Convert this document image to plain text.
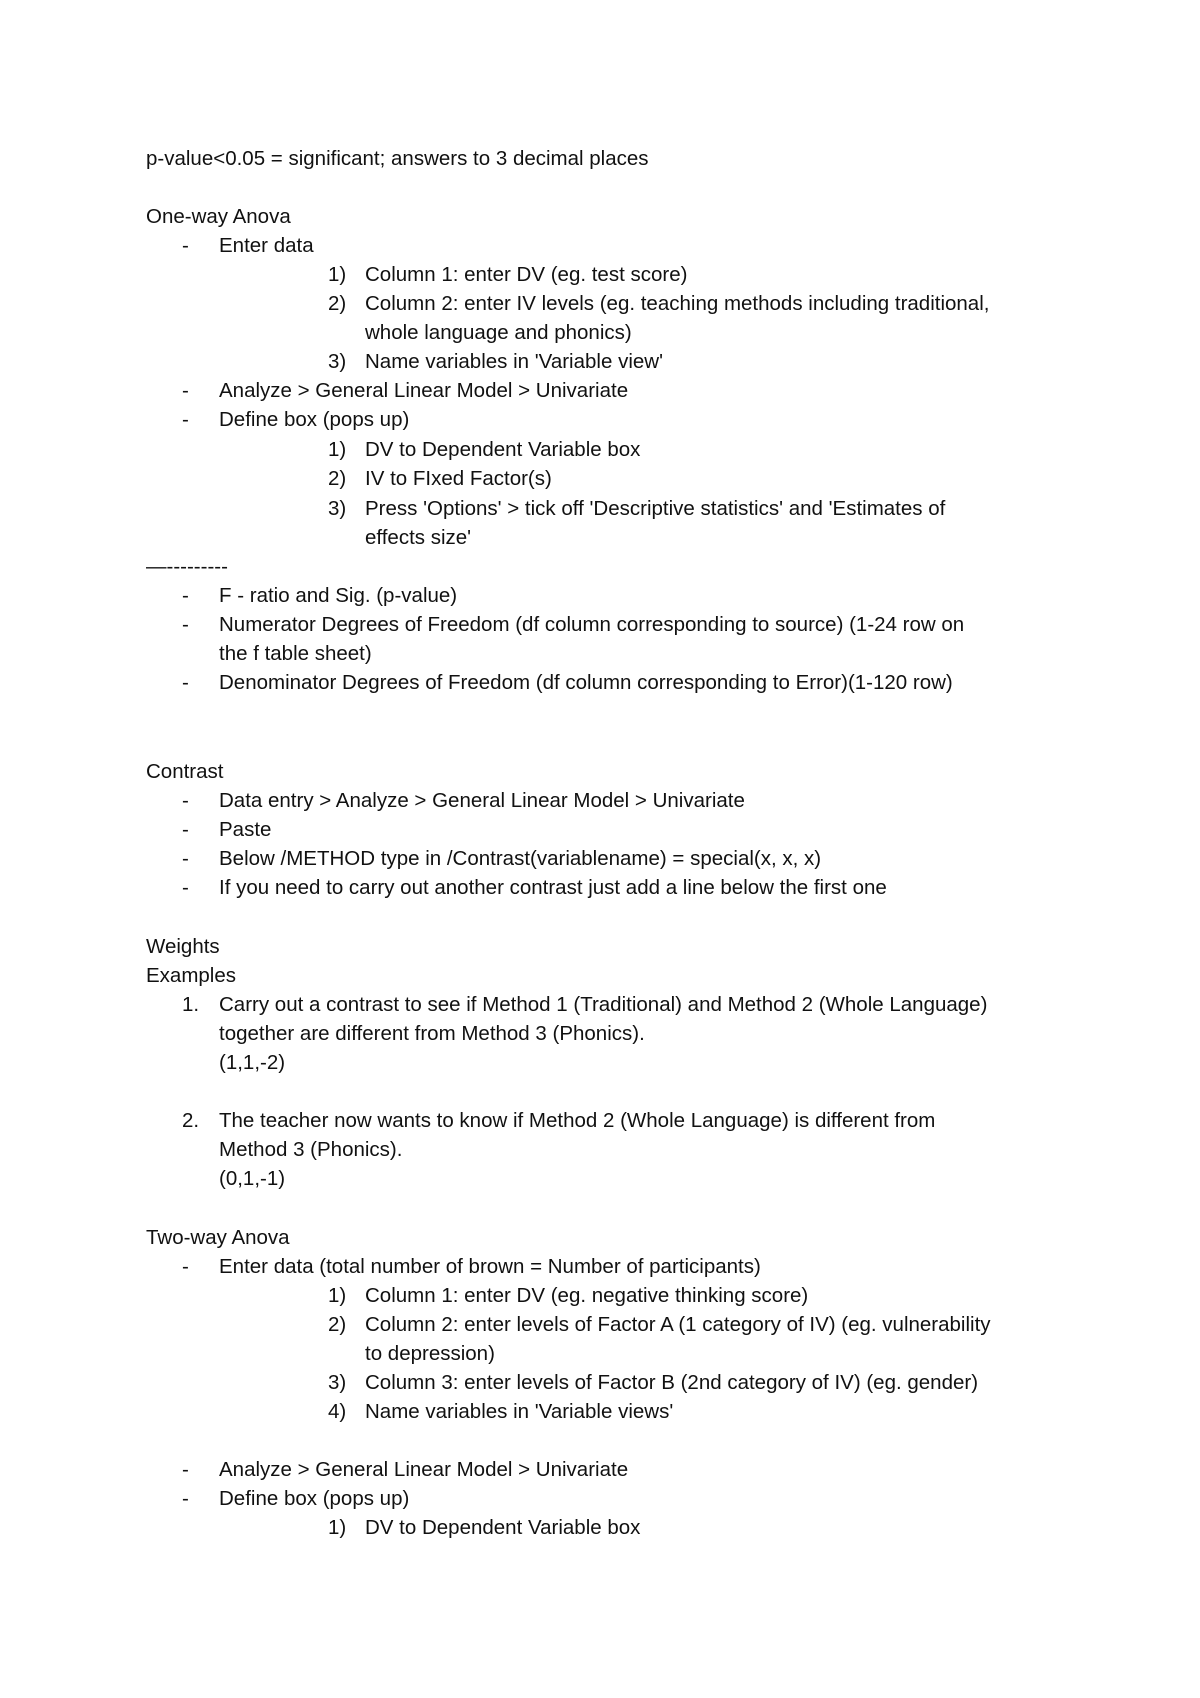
p-value<0.05 = significant; answers to 3 decimal places
One-way Anova
- Enter data
1) Column 1: enter DV (eg. test score)
2) Column 2: enter IV levels (eg. teaching methods including traditional,
whole language and phonics)
3) Name variables in 'Variable view'
- Analyze > General Linear Model > Univariate
- Define box (pops up)
1) DV to Dependent Variable box
2) IV to FIxed Factor(s)
3) Press 'Options' > tick off 'Descriptive statistics' and 'Estimates of
effects size'
—---------
- F - ratio and Sig. (p-value)
- Numerator Degrees of Freedom (df column corresponding to source) (1-24 row on
the f table sheet)
- Denominator Degrees of Freedom (df column corresponding to Error)(1-120 row)
Contrast
- Data entry > Analyze > General Linear Model > Univariate
- Paste
- Below /METHOD type in /Contrast(variablename) = special(x, x, x)
- If you need to carry out another contrast just add a line below the first one
Weights
Examples
1. Carry out a contrast to see if Method 1 (Traditional) and Method 2 (Whole Language)
together are different from Method 3 (Phonics).
(1,1,-2)
2. The teacher now wants to know if Method 2 (Whole Language) is different from
Method 3 (Phonics).
(0,1,-1)
Two-way Anova
- Enter data (total number of brown = Number of participants)
1) Column 1: enter DV (eg. negative thinking score)
2) Column 2: enter levels of Factor A (1 category of IV) (eg. vulnerability
to depression)
3) Column 3: enter levels of Factor B (2nd category of IV) (eg. gender)
4) Name variables in 'Variable views'
- Analyze > General Linear Model > Univariate
- Define box (pops up)
1) DV to Dependent Variable box
